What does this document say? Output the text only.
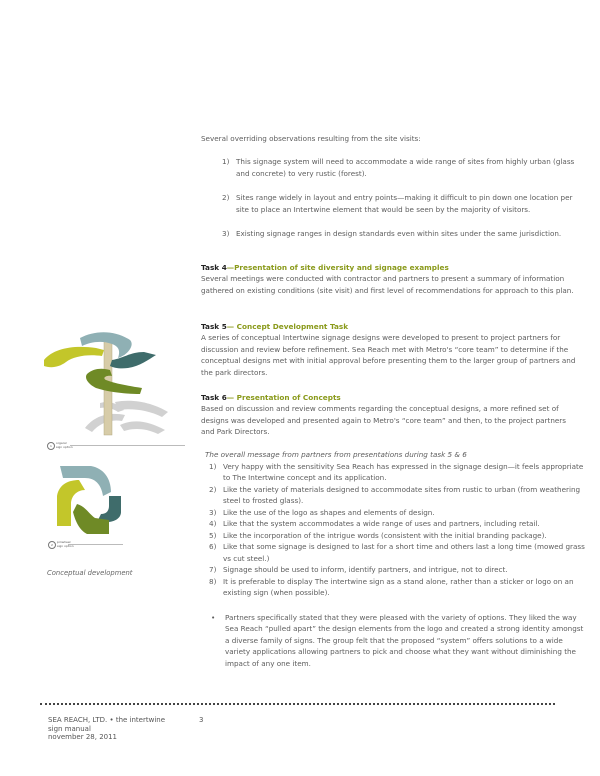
Several overriding observations resulting from the site visits:

1) This signage system will need to accommodate a wide range of sites from highly urban (glass and concrete) to very rustic (forest).
2) Sites range widely in layout and entry points—making it difficult to pin down one location per site to place an Intertwine element that would be seen by the majority of visitors.
3) Existing signage ranges in design standards even within sites under the same jurisdiction.
Task 4—Presentation of site diversity and signage examples

Several meetings were conducted with contractor and partners to present a summary of information gathered on existing conditions (site visit) and first level of recommendations for approach to this plan.

Task 5— Concept Development Task

A series of conceptual Intertwine signage designs were developed to present to project partners for discussion and review before refinement. Sea Reach met with Metro's “core team” to determine if the conceptual designs met with initial approval before presenting them to the larger group of partners and the park directors.

Task 6— Presentation of Concepts

Based on discussion and review comments regarding the conceptual designs, a more refined set of designs was developed and presented again to Metro's “core team” and then, to the project partners and Park Directors.

The overall message from partners from presentations during task 5 & 6

1) Very happy with the sensitivity Sea Reach has expressed in the signage design—it feels appropriate to The Intertwine concept and its application.
2) Like the variety of materials designed to accommodate sites from rustic to urban (from weathering steel to frosted glass).
3) Like the use of the logo as shapes and elements of design.
4) Like that the system accommodates a wide range of uses and partners, including retail.
5) Like the incorporation of the intrigue words (consistent with the initial branding package).
6) Like that some signage is designed to last for a short time and others last a long time (mowed grass vs cut steel.)
7) Signage should be used to inform, identify partners, and intrigue, not to direct.
8) It is preferable to display The intertwine sign as a stand alone, rather than a sticker or logo on an existing sign (when possible).
• Partners specifically stated that they were pleased with the variety of options. They liked the way Sea Reach “pulled apart” the design elements from the logo and created a strong identity amongst a diverse family of signs. The group felt that the proposed “system” offers solutions to a wide variety applications allowing partners to pick and choose what they want without diminishing the impact of any one item.
1
organic
sign option
2
pinwheel
sign option
Conceptual development
SEA REACH, LTD. • the intertwine
sign manual
november 28, 2011
3
